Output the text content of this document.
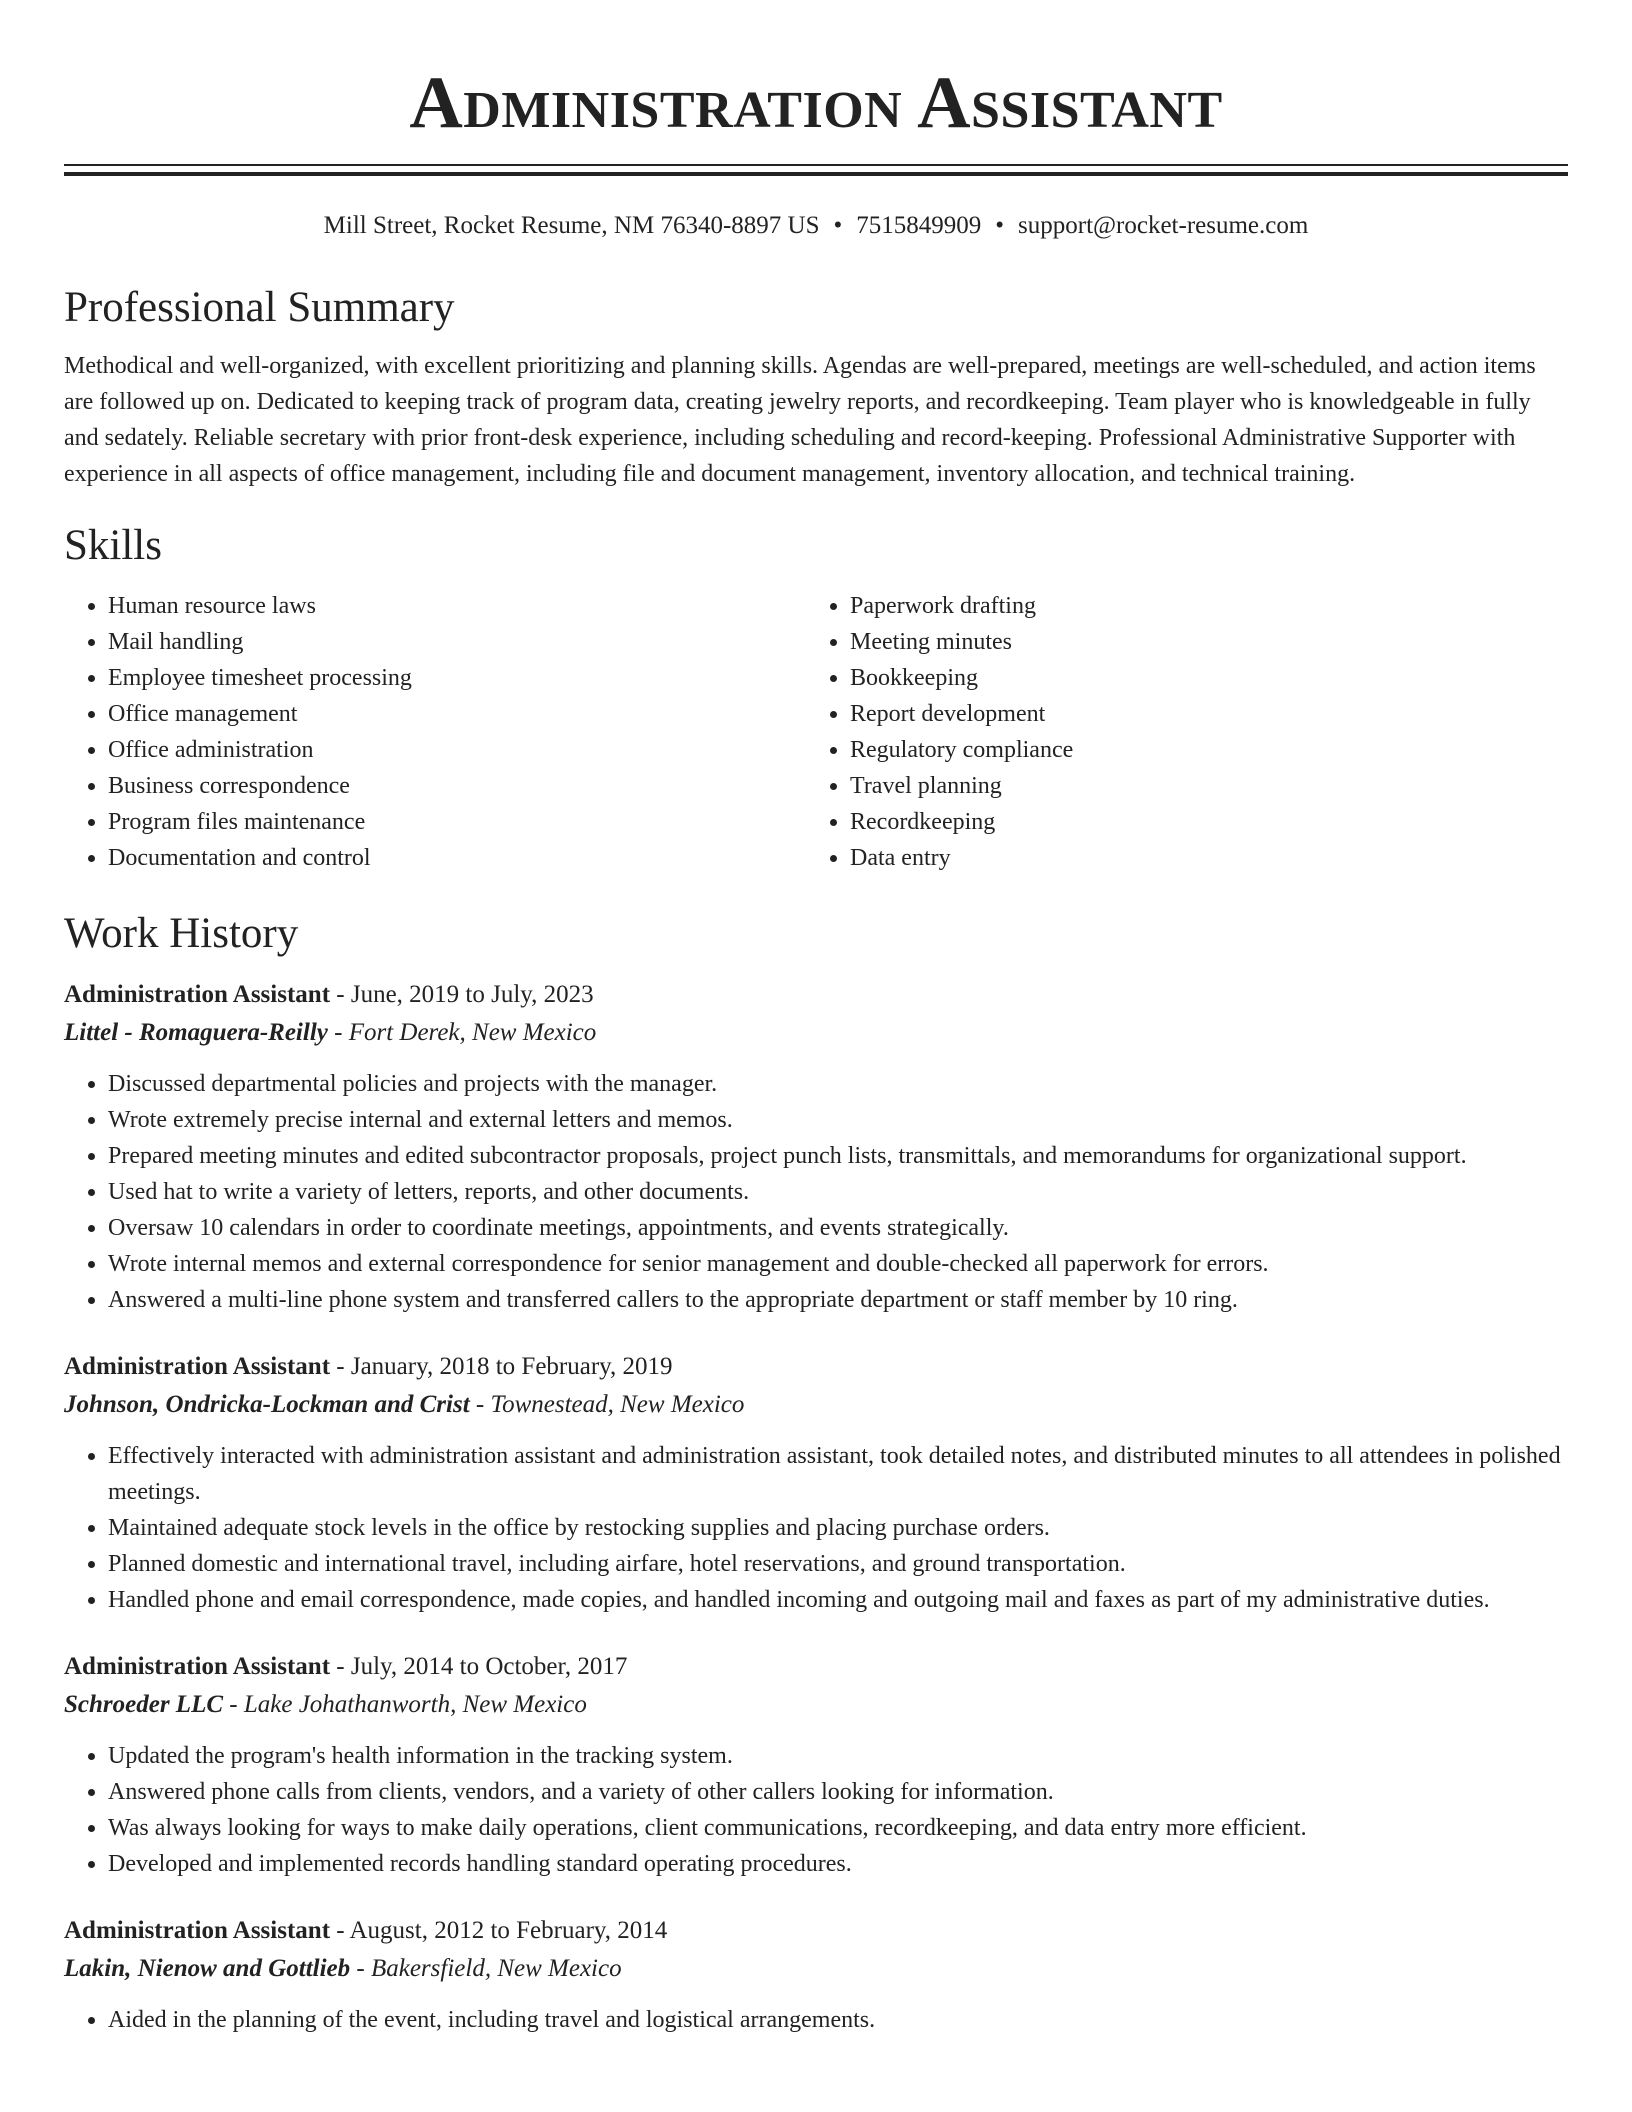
Administration Assistant
Mill Street, Rocket Resume, NM 76340-8897 US • 7515849909 • support@rocket-resume.com
Professional Summary

Methodical and well-organized, with excellent prioritizing and planning skills. Agendas are well-prepared, meetings are well-scheduled, and action items are followed up on. Dedicated to keeping track of program data, creating jewelry reports, and recordkeeping. Team player who is knowledgeable in fully and sedately. Reliable secretary with prior front-desk experience, including scheduling and record-keeping. Professional Administrative Supporter with experience in all aspects of office management, including file and document management, inventory allocation, and technical training.

Skills
• Human resource laws
• Mail handling
• Employee timesheet processing
• Office management
• Office administration
• Business correspondence
• Program files maintenance
• Documentation and control
• Paperwork drafting
• Meeting minutes
• Bookkeeping
• Report development
• Regulatory compliance
• Travel planning
• Recordkeeping
• Data entry
Work History
Administration Assistant - June, 2019 to July, 2023
Littel - Romaguera-Reilly - Fort Derek, New Mexico
• Discussed departmental policies and projects with the manager.
• Wrote extremely precise internal and external letters and memos.
• Prepared meeting minutes and edited subcontractor proposals, project punch lists, transmittals, and memorandums for organizational support.
• Used hat to write a variety of letters, reports, and other documents.
• Oversaw 10 calendars in order to coordinate meetings, appointments, and events strategically.
• Wrote internal memos and external correspondence for senior management and double-checked all paperwork for errors.
• Answered a multi-line phone system and transferred callers to the appropriate department or staff member by 10 ring.
Administration Assistant - January, 2018 to February, 2019
Johnson, Ondricka-Lockman and Crist - Townestead, New Mexico
• Effectively interacted with administration assistant and administration assistant, took detailed notes, and distributed minutes to all attendees in polished meetings.
• Maintained adequate stock levels in the office by restocking supplies and placing purchase orders.
• Planned domestic and international travel, including airfare, hotel reservations, and ground transportation.
• Handled phone and email correspondence, made copies, and handled incoming and outgoing mail and faxes as part of my administrative duties.
Administration Assistant - July, 2014 to October, 2017
Schroeder LLC - Lake Johathanworth, New Mexico
• Updated the program's health information in the tracking system.
• Answered phone calls from clients, vendors, and a variety of other callers looking for information.
• Was always looking for ways to make daily operations, client communications, recordkeeping, and data entry more efficient.
• Developed and implemented records handling standard operating procedures.
Administration Assistant - August, 2012 to February, 2014
Lakin, Nienow and Gottlieb - Bakersfield, New Mexico
• Aided in the planning of the event, including travel and logistical arrangements.
